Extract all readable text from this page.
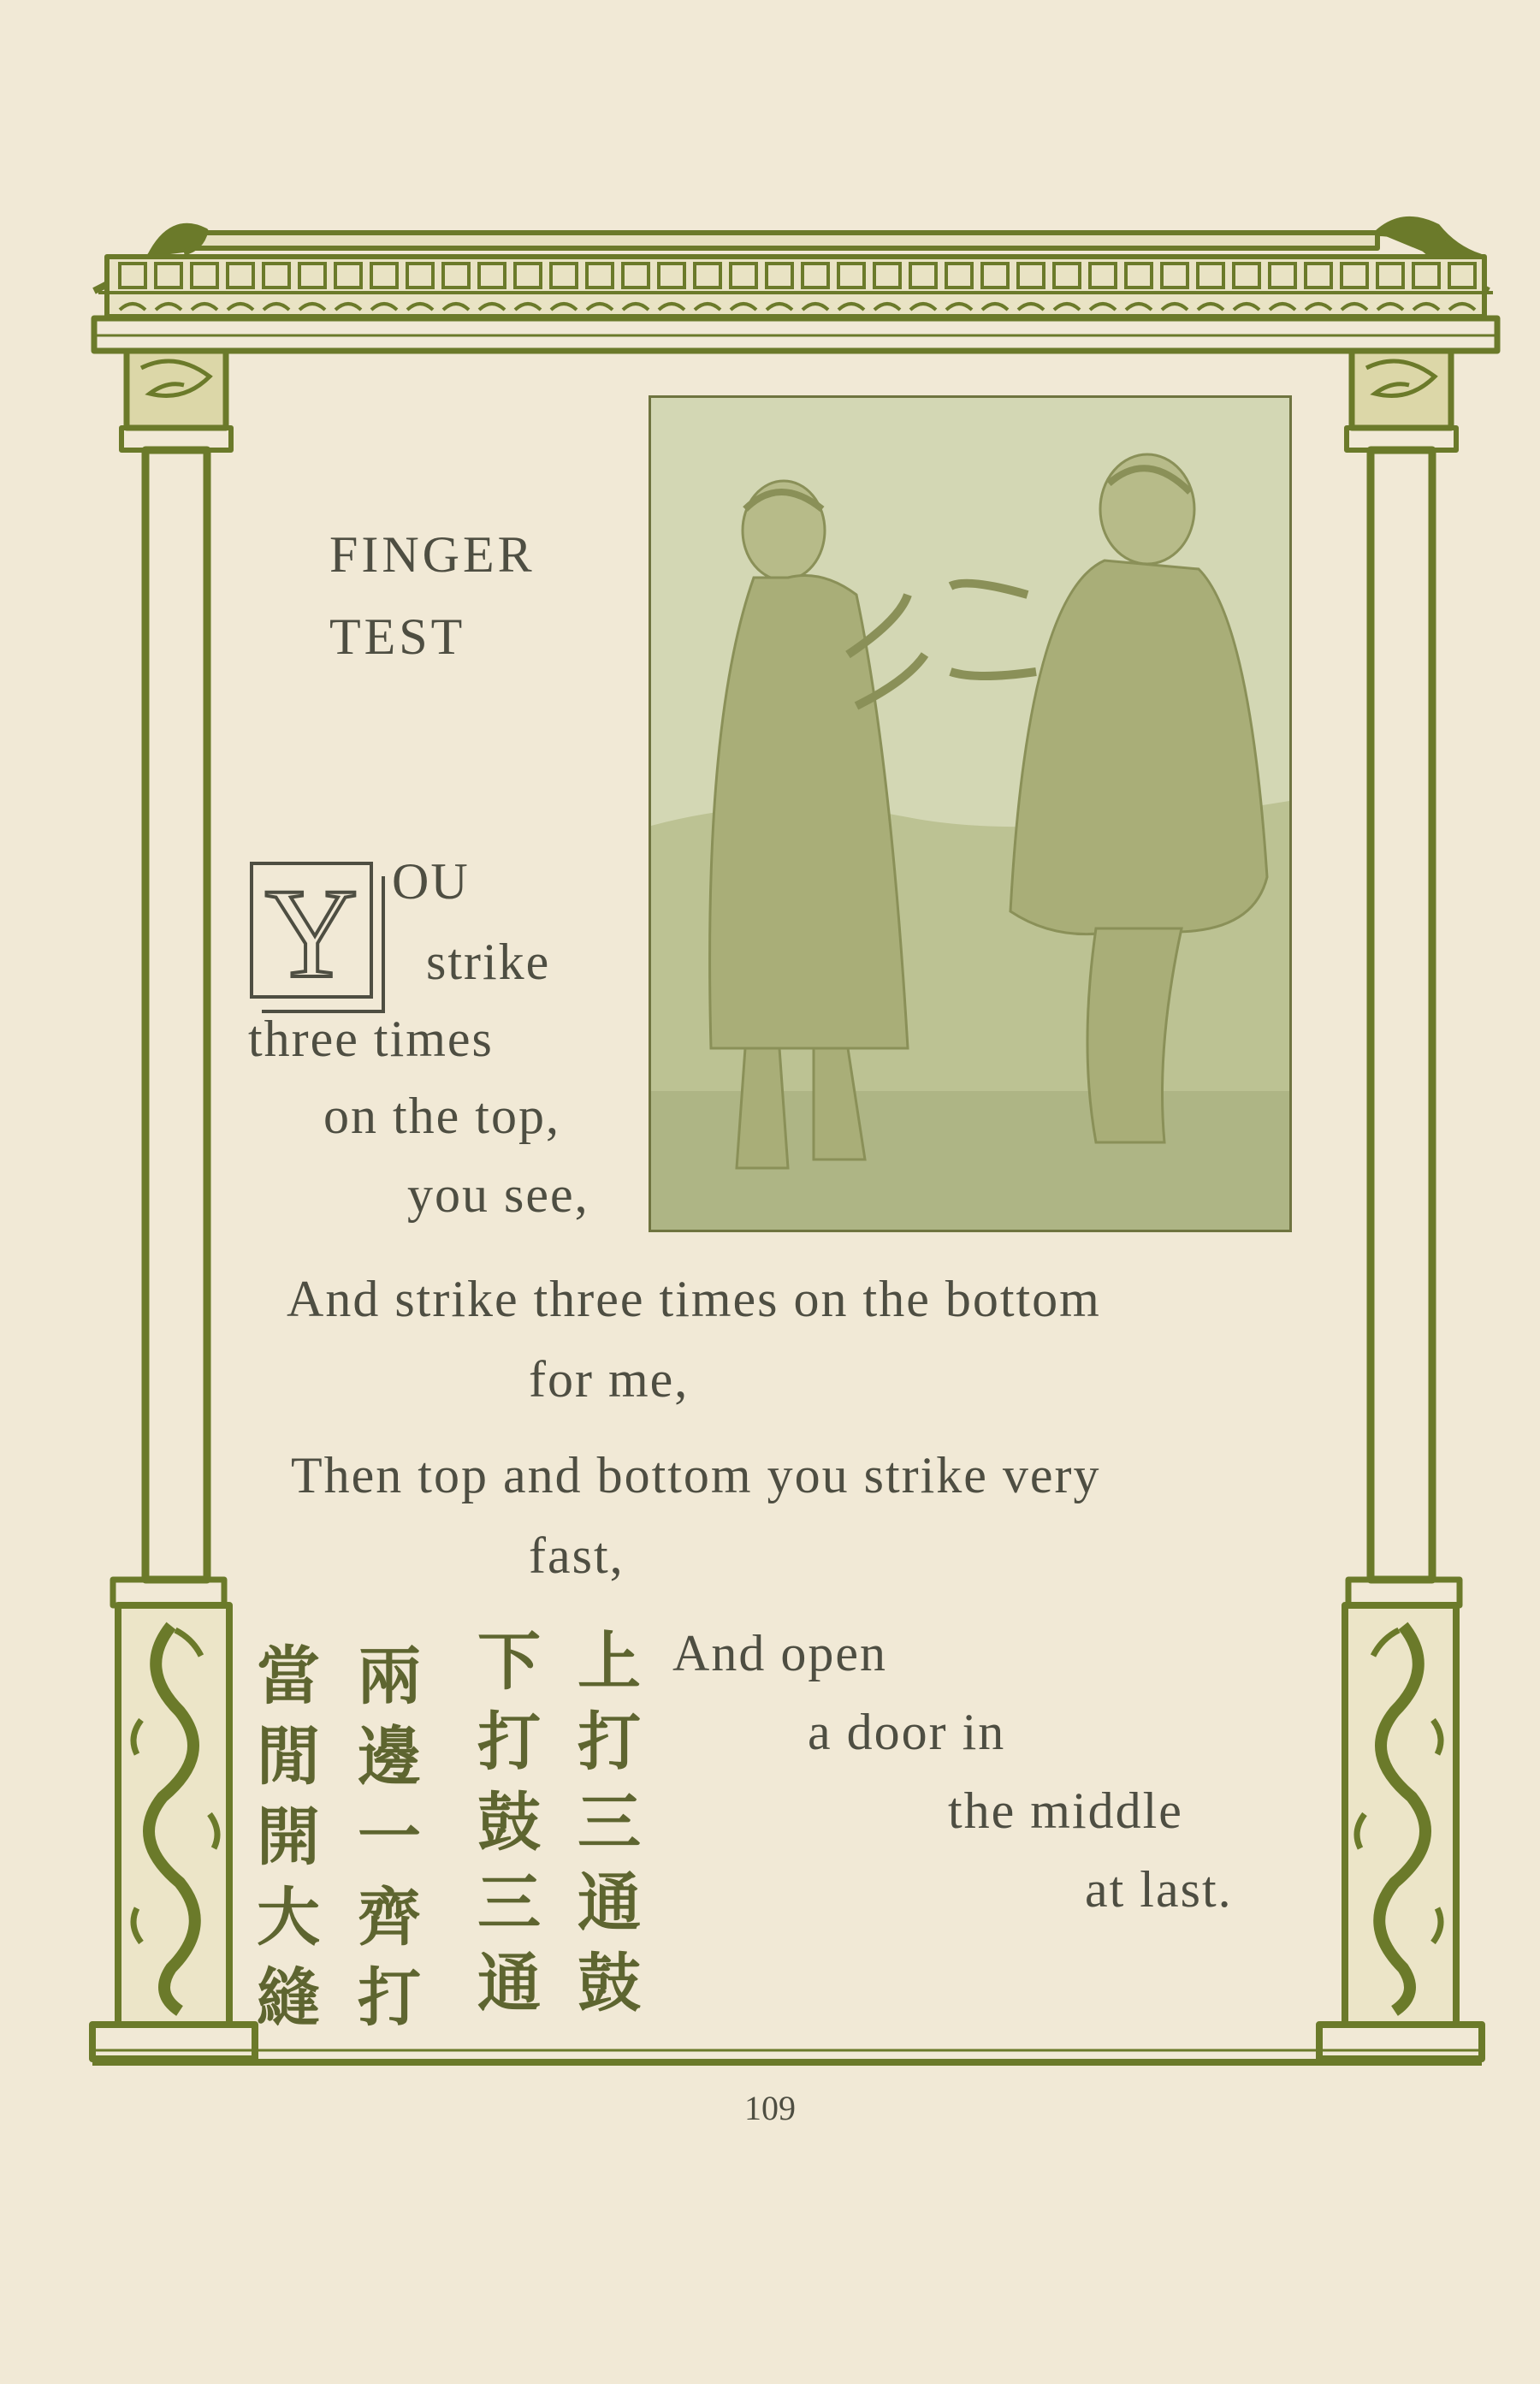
FINGER
TEST
Y OU
strike
three times
on the top,
you see,
And strike three times on the bottom
for me,
Then top and bottom you strike very
fast,
And open
a door in
the middle
at last.
上
打
三
通
鼓
下
打
鼓
三
通
兩
邊
一
齊
打
當
閒
開
大
縫
109
